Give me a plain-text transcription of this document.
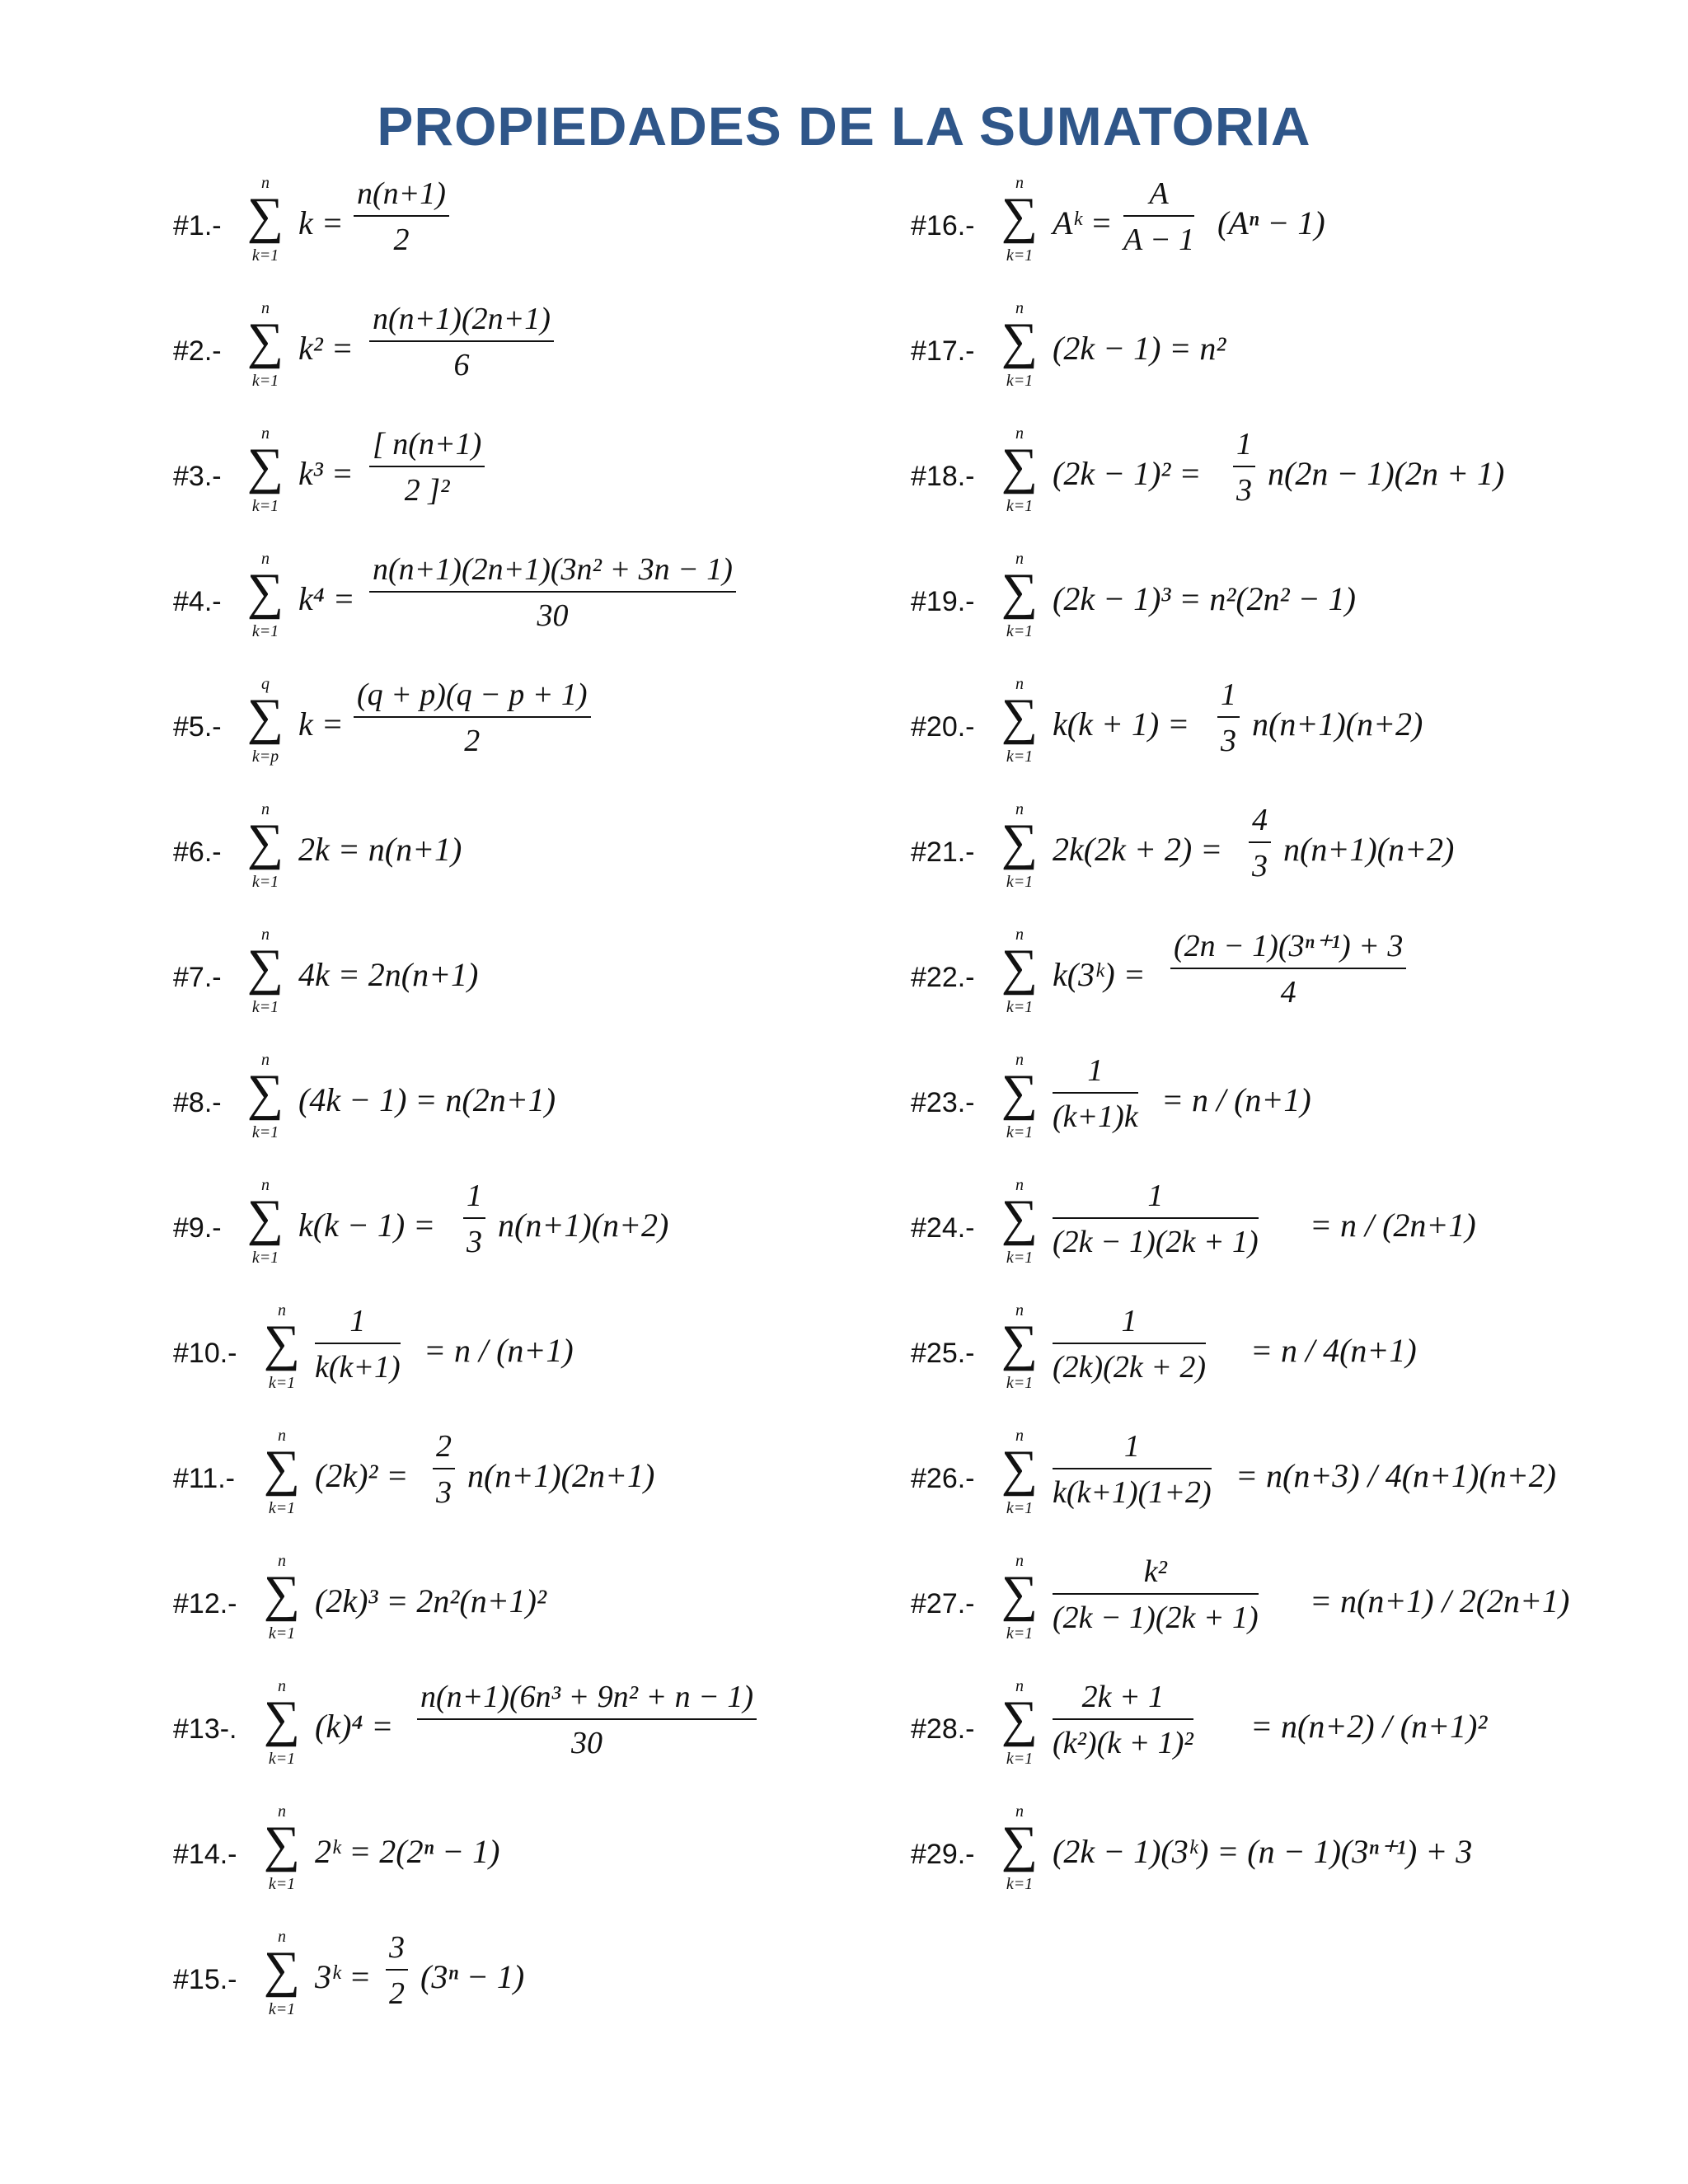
PROPIEDADES DE LA SUMATORIA
#1.-
n
∑
k=1
k =
n(n+1)
2
#2.-
n
∑
k=1
k² =
n(n+1)(2n+1)
6
#3.-
n
∑
k=1
k³ =
[ n(n+1)
2 ]²
#4.-
n
∑
k=1
k⁴ =
n(n+1)(2n+1)(3n² + 3n − 1)
30
#5.-
q
∑
k=p
k =
(q + p)(q − p + 1)
2
#6.-
n
∑
k=1
2k = n(n+1)
#7.-
n
∑
k=1
4k = 2n(n+1)
#8.-
n
∑
k=1
(4k − 1) = n(2n+1)
#9.-
n
∑
k=1
k(k − 1) =
1
3 n(n+1)(n+2)
#10.-
n
∑
k=1
1
k(k+1) = n / (n+1)
#11.-
n
∑
k=1
(2k)² =
2
3 n(n+1)(2n+1)
#12.-
n
∑
k=1
(2k)³ = 2n²(n+1)²
#13-.
n
∑
k=1
(k)⁴ =
n(n+1)(6n³ + 9n² + n − 1)
30
#14.-
n
∑
k=1
2ᵏ = 2(2ⁿ − 1)
#15.-
n
∑
k=1
3ᵏ =
3
2 (3ⁿ − 1)
#16.-
n
∑
k=1
Aᵏ =
A
A − 1 (Aⁿ − 1)
#17.-
n
∑
k=1
(2k − 1) = n²
#18.-
n
∑
k=1
(2k − 1)² =
1
3 n(2n − 1)(2n + 1)
#19.-
n
∑
k=1
(2k − 1)³ = n²(2n² − 1)
#20.-
n
∑
k=1
k(k + 1) =
1
3 n(n+1)(n+2)
#21.-
n
∑
k=1
2k(2k + 2) =
4
3 n(n+1)(n+2)
#22.-
n
∑
k=1
k(3ᵏ) =
(2n − 1)(3ⁿ⁺¹) + 3
4
#23.-
n
∑
k=1
1
(k+1)k = n / (n+1)
#24.-
n
∑
k=1
1
(2k − 1)(2k + 1) = n / (2n+1)
#25.-
n
∑
k=1
1
(2k)(2k + 2) = n / 4(n+1)
#26.-
n
∑
k=1
1
k(k+1)(1+2) = n(n+3) / 4(n+1)(n+2)
#27.-
n
∑
k=1
k²
(2k − 1)(2k + 1) = n(n+1) / 2(2n+1)
#28.-
n
∑
k=1
2k + 1
(k²)(k + 1)² = n(n+2) / (n+1)²
#29.-
n
∑
k=1
(2k − 1)(3ᵏ) = (n − 1)(3ⁿ⁺¹) + 3
